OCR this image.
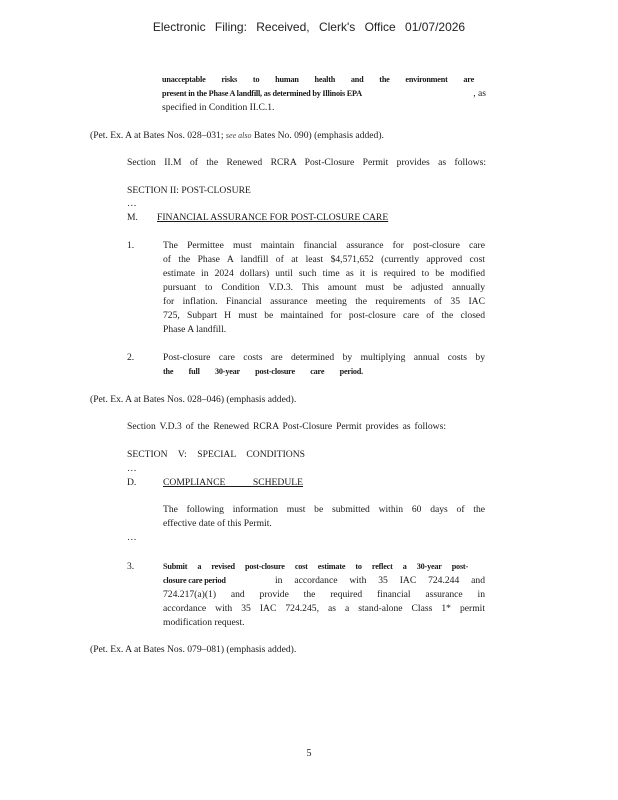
Electronic Filing: Received, Clerk's Office 01/07/2026
unacceptable risks to human health and the environment are
present in the Phase A landfill, as determined by Illinois EPA	, as
specified in Condition II.C.1.
(Pet. Ex. A at Bates Nos. 028–031; see also Bates No. 090) (emphasis added).
Section II.M of the Renewed RCRA Post-Closure Permit provides as follows:
SECTION II: POST-CLOSURE
…
M. FINANCIAL ASSURANCE FOR POST-CLOSURE CARE
1.	The Permittee must maintain financial assurance for post-closure care
of the Phase A landfill of at least $4,571,652 (currently approved cost
estimate in 2024 dollars) until such time as it is required to be modified
pursuant to Condition V.D.3. This amount must be adjusted annually
for inflation. Financial assurance meeting the requirements of 35 IAC
725, Subpart H must be maintained for post-closure care of the closed
Phase A landfill.
2.	Post-closure care costs are determined by multiplying annual costs by
the full 30-year post-closure care period.
(Pet. Ex. A at Bates Nos. 028–046) (emphasis added).
Section V.D.3 of the Renewed RCRA Post-Closure Permit provides as follows:
SECTION V: SPECIAL CONDITIONS
…
D.	COMPLIANCE SCHEDULE
The following information must be submitted within 60 days of the
effective date of this Permit.
…
3.	Submit a revised post-closure cost estimate to reflect a 30-year post-
closure care period	in accordance with 35 IAC 724.244 and
724.217(a)(1) and provide the required financial assurance in
accordance with 35 IAC 724.245, as a stand-alone Class 1* permit
modification request.
(Pet. Ex. A at Bates Nos. 079–081) (emphasis added).
5
